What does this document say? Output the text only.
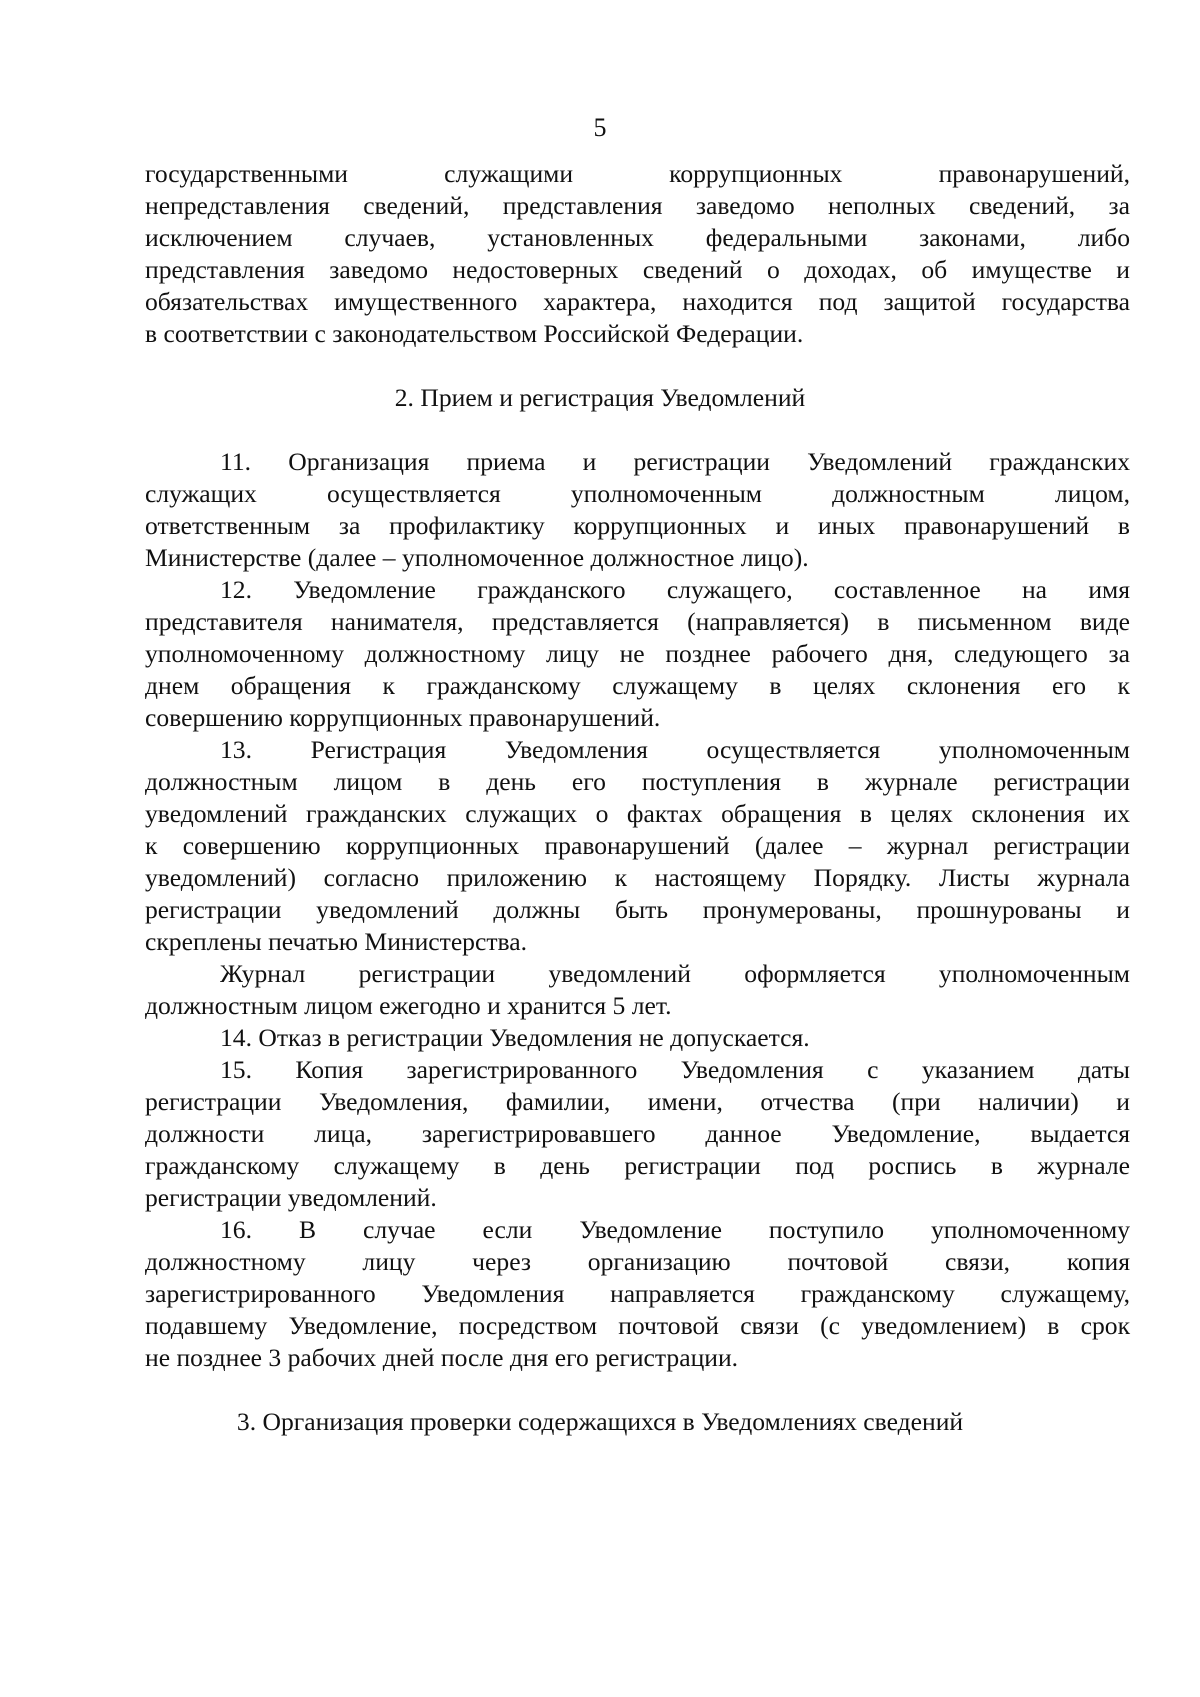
5
государственными служащими коррупционных правонарушений,
непредставления сведений, представления заведомо неполных сведений, за
исключением случаев, установленных федеральными законами, либо
представления заведомо недостоверных сведений о доходах, об имуществе и
обязательствах имущественного характера, находится под защитой государства
в соответствии с законодательством Российской Федерации.
2. Прием и регистрация Уведомлений
11. Организация приема и регистрации Уведомлений гражданских
служащих осуществляется уполномоченным должностным лицом,
ответственным за профилактику коррупционных и иных правонарушений в
Министерстве (далее – уполномоченное должностное лицо).
12. Уведомление гражданского служащего, составленное на имя
представителя нанимателя, представляется (направляется) в письменном виде
уполномоченному должностному лицу не позднее рабочего дня, следующего за
днем обращения к гражданскому служащему в целях склонения его к
совершению коррупционных правонарушений.
13. Регистрация Уведомления осуществляется уполномоченным
должностным лицом в день его поступления в журнале регистрации
уведомлений гражданских служащих о фактах обращения в целях склонения их
к совершению коррупционных правонарушений (далее – журнал регистрации
уведомлений) согласно приложению к настоящему Порядку. Листы журнала
регистрации уведомлений должны быть пронумерованы, прошнурованы и
скреплены печатью Министерства.
Журнал регистрации уведомлений оформляется уполномоченным
должностным лицом ежегодно и хранится 5 лет.
14. Отказ в регистрации Уведомления не допускается.
15. Копия зарегистрированного Уведомления с указанием даты
регистрации Уведомления, фамилии, имени, отчества (при наличии) и
должности лица, зарегистрировавшего данное Уведомление, выдается
гражданскому служащему в день регистрации под роспись в журнале
регистрации уведомлений.
16. В случае если Уведомление поступило уполномоченному
должностному лицу через организацию почтовой связи, копия
зарегистрированного Уведомления направляется гражданскому служащему,
подавшему Уведомление, посредством почтовой связи (с уведомлением) в срок
не позднее 3 рабочих дней после дня его регистрации.
3. Организация проверки содержащихся в Уведомлениях сведений
